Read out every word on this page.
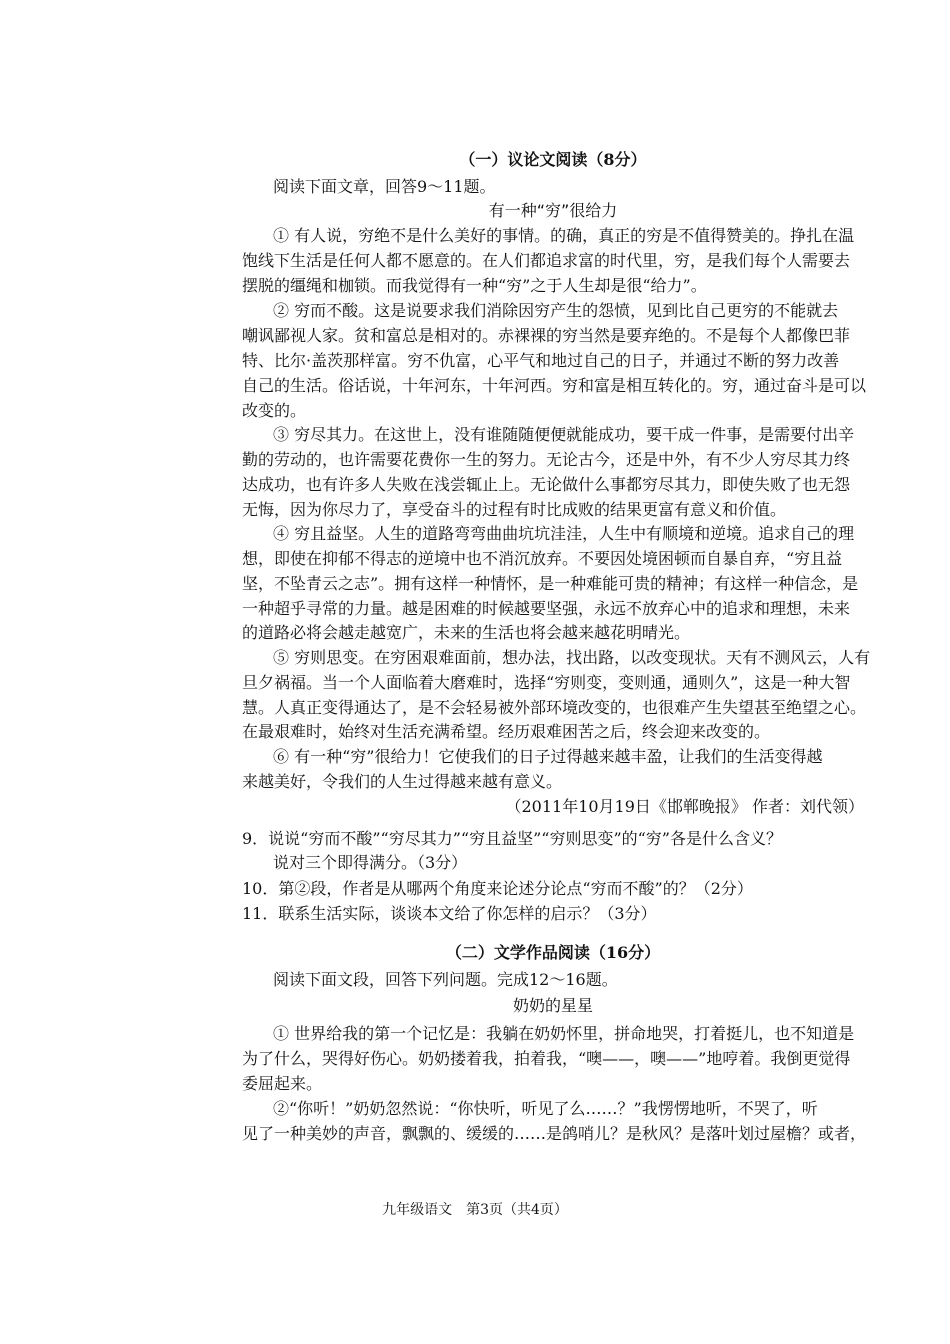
（一）议论文阅读（8分）
阅读下面文章，回答9～11题。
有一种“穷”很给力
① 有人说，穷绝不是什么美好的事情。的确，真正的穷是不值得赞美的。挣扎在温
饱线下生活是任何人都不愿意的。在人们都追求富的时代里，穷，是我们每个人需要去
摆脱的缰绳和枷锁。而我觉得有一种“穷”之于人生却是很“给力”。
② 穷而不酸。这是说要求我们消除因穷产生的怨愤，见到比自己更穷的不能就去
嘲讽鄙视人家。贫和富总是相对的。赤裸裸的穷当然是要弃绝的。不是每个人都像巴菲
特、比尔·盖茨那样富。穷不仇富，心平气和地过自己的日子，并通过不断的努力改善
自己的生活。俗话说，十年河东，十年河西。穷和富是相互转化的。穷，通过奋斗是可以
改变的。
③ 穷尽其力。在这世上，没有谁随随便便就能成功，要干成一件事，是需要付出辛
勤的劳动的，也许需要花费你一生的努力。无论古今，还是中外，有不少人穷尽其力终
达成功，也有许多人失败在浅尝辄止上。无论做什么事都穷尽其力，即使失败了也无怨
无悔，因为你尽力了，享受奋斗的过程有时比成败的结果更富有意义和价值。
④ 穷且益坚。人生的道路弯弯曲曲坑坑洼洼，人生中有顺境和逆境。追求自己的理
想，即使在抑郁不得志的逆境中也不消沉放弃。不要因处境困顿而自暴自弃，“穷且益
坚，不坠青云之志”。拥有这样一种情怀，是一种难能可贵的精神；有这样一种信念，是
一种超乎寻常的力量。越是困难的时候越要坚强，永远不放弃心中的追求和理想，未来
的道路必将会越走越宽广，未来的生活也将会越来越花明晴光。
⑤ 穷则思变。在穷困艰难面前，想办法，找出路，以改变现状。天有不测风云，人有
旦夕祸福。当一个人面临着大磨难时，选择“穷则变，变则通，通则久”，这是一种大智
慧。人真正变得通达了，是不会轻易被外部环境改变的，也很难产生失望甚至绝望之心。
在最艰难时，始终对生活充满希望。经历艰难困苦之后，终会迎来改变的。
⑥ 有一种“穷”很给力！它使我们的日子过得越来越丰盈，让我们的生活变得越
来越美好，令我们的人生过得越来越有意义。
（2011年10月19日《邯郸晚报》 作者：刘代领）
9．说说“穷而不酸”“穷尽其力”“穷且益坚”“穷则思变”的“穷”各是什么含义？
说对三个即得满分。（3分）
10．第②段，作者是从哪两个角度来论述分论点“穷而不酸”的？（2分）
11．联系生活实际，谈谈本文给了你怎样的启示？（3分）
（二）文学作品阅读（16分）
阅读下面文段，回答下列问题。完成12～16题。
奶奶的星星
① 世界给我的第一个记忆是：我躺在奶奶怀里，拼命地哭，打着挺儿，也不知道是
为了什么，哭得好伤心。奶奶搂着我，拍着我，“噢——，噢——”地哼着。我倒更觉得
委屈起来。
②“你听！”奶奶忽然说：“你快听，听见了么……？”我愣愣地听，不哭了，听
见了一种美妙的声音，飘飘的、缓缓的……是鸽哨儿？是秋风？是落叶划过屋檐？或者，
九年级语文　第3页（共4页）
